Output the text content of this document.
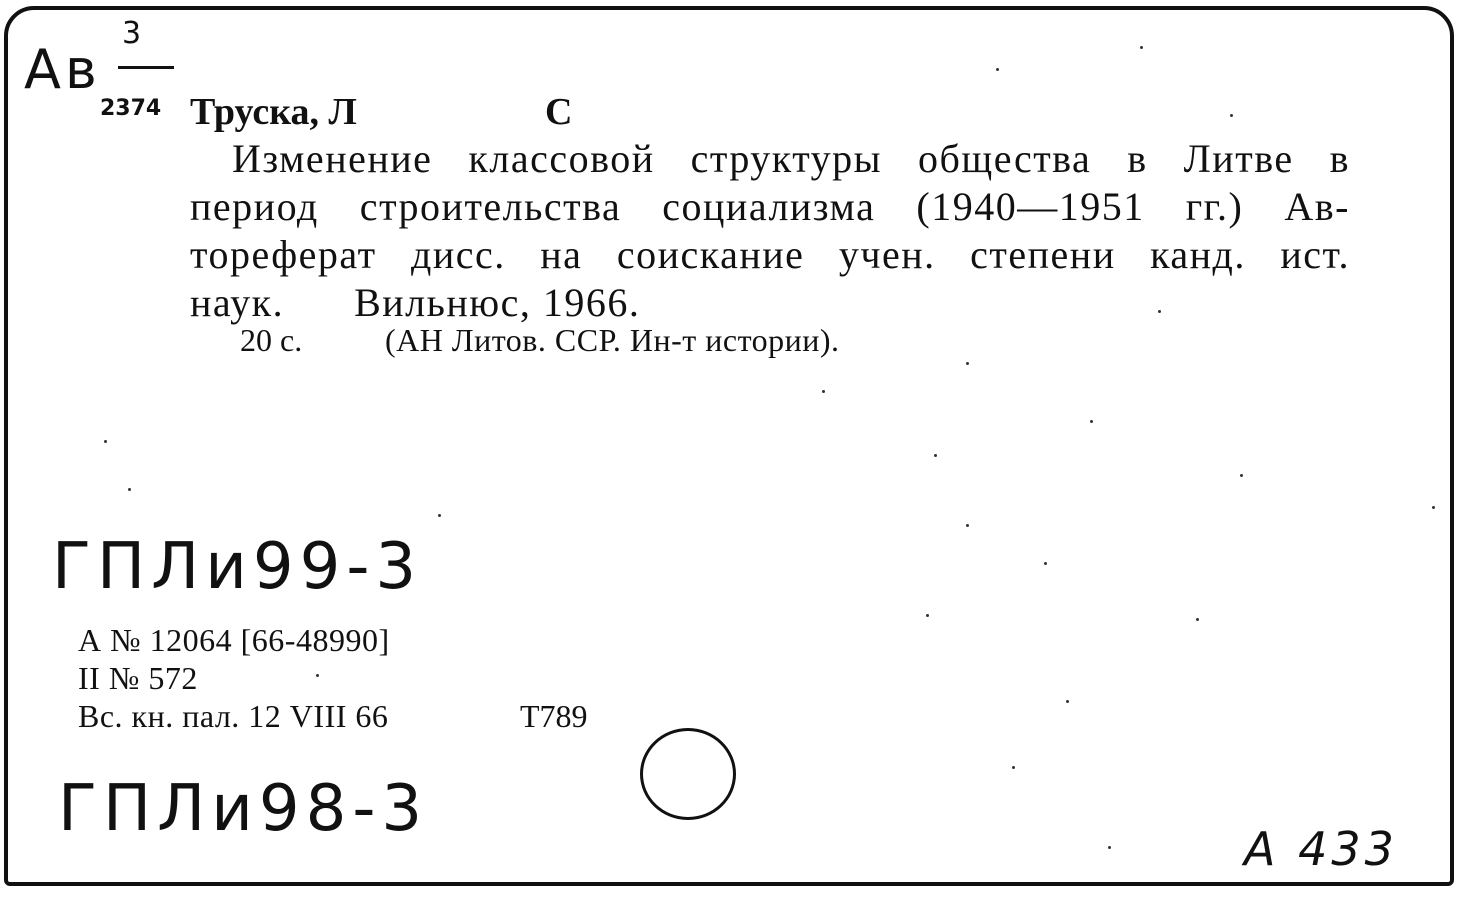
Ав
3
2374 Труска, Л	С
Изменение классовой структуры общества в Литве в
период строительства социализма (1940—1951 гг.) Ав-
тореферат дисс. на соискание учен. степени канд. ист.
наук. Вильнюс, 1966.
20 с.	(АН Литов. ССР. Ин-т истории).
ГПЛи99-3
ГПЛи98-3
А № 12064 [66-48990]
II № 572
Вс. кн. пал. 12 VIII 66	Т789
А 433
